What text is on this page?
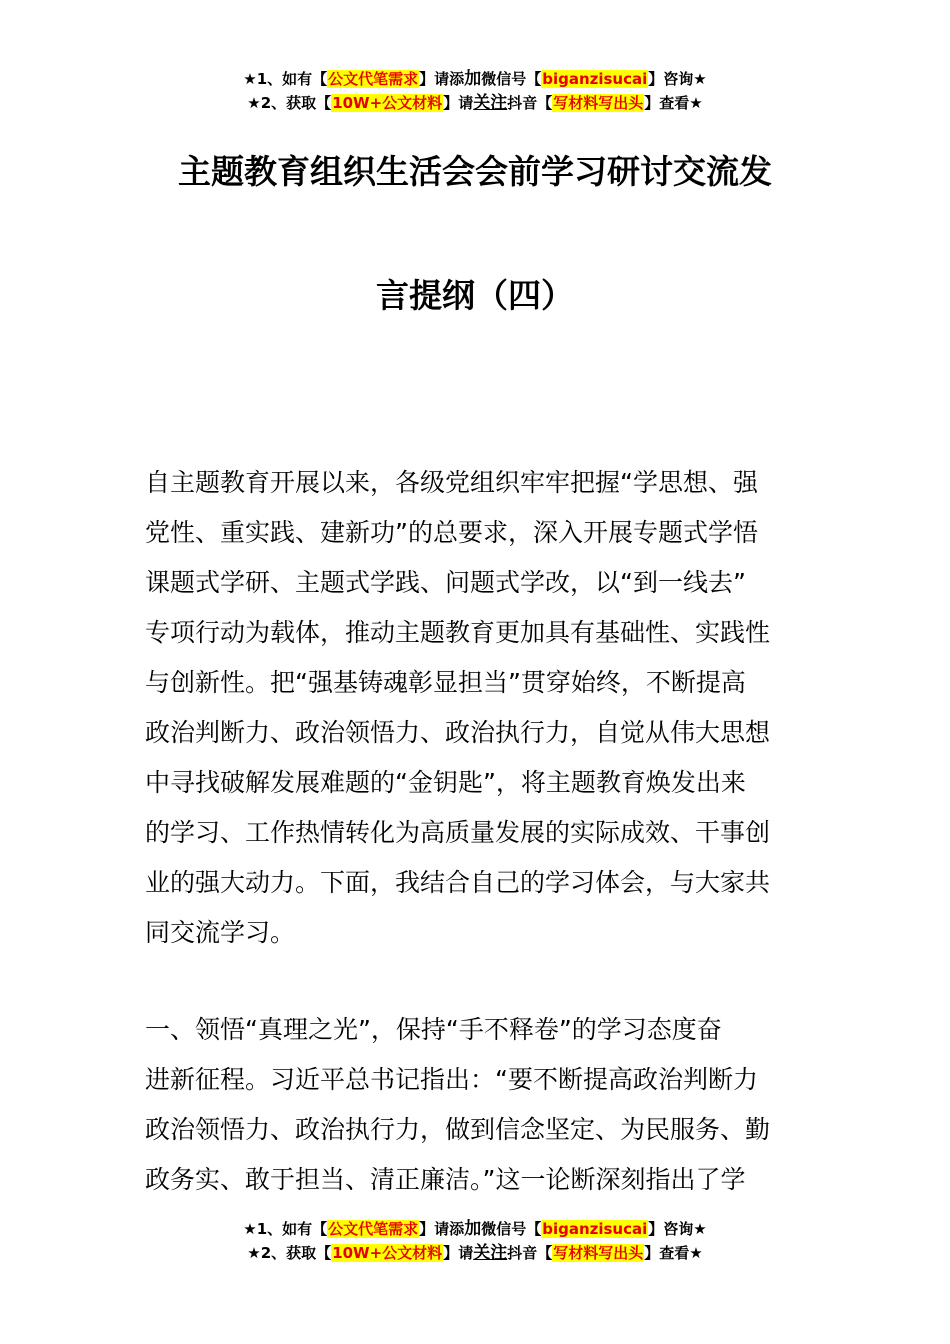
★1、如有【公文代笔需求】请添加微信号【biganzisucai】咨询★
★2、获取【10W+公文材料】请关注抖音【写材料写出头】查看★
主题教育组织生活会会前学习研讨交流发
言提纲（四）
自主题教育开展以来，各级党组织牢牢把握“学思想、强
党性、重实践、建新功”的总要求，深入开展专题式学悟
课题式学研、主题式学践、问题式学改，以“到一线去”
专项行动为载体，推动主题教育更加具有基础性、实践性
与创新性。把“强基铸魂彰显担当”贯穿始终，不断提高
政治判断力、政治领悟力、政治执行力，自觉从伟大思想
中寻找破解发展难题的“金钥匙”，将主题教育焕发出来
的学习、工作热情转化为高质量发展的实际成效、干事创
业的强大动力。下面，我结合自己的学习体会，与大家共
同交流学习。
一、领悟“真理之光”，保持“手不释卷”的学习态度奋
进新征程。习近平总书记指出：“要不断提高政治判断力
政治领悟力、政治执行力，做到信念坚定、为民服务、勤
政务实、敢于担当、清正廉洁。”这一论断深刻指出了学
★1、如有【公文代笔需求】请添加微信号【biganzisucai】咨询★
★2、获取【10W+公文材料】请关注抖音【写材料写出头】查看★
